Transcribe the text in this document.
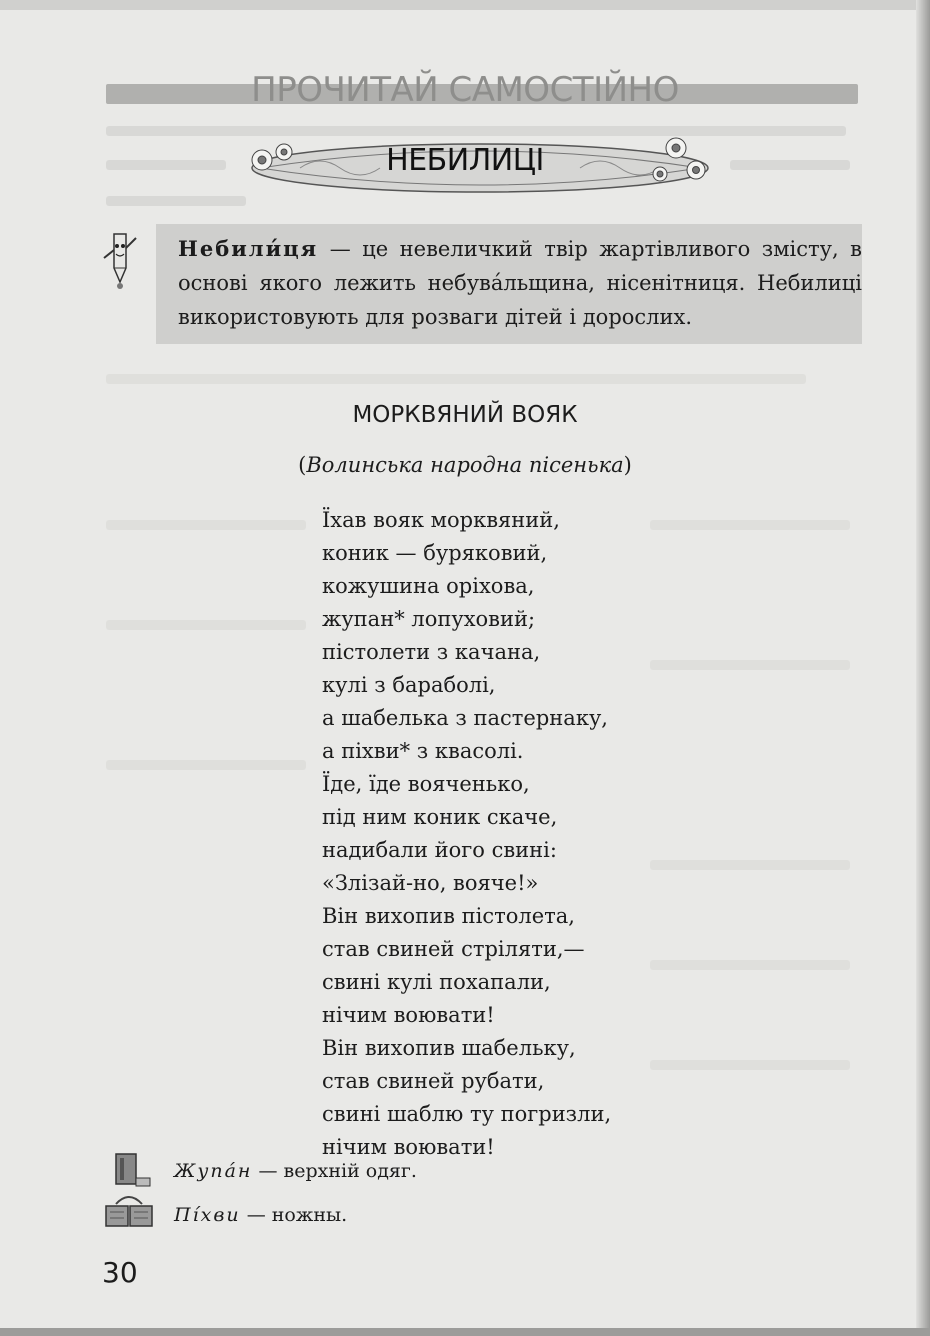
ПРОЧИТАЙ САМОСТІЙНО
НЕБИЛИЦІ
Небили́ця — це невеличкий твір жартівливого змісту, в основі якого лежить небува́льщина, нісенітниця. Небилиці використовують для розваги дітей і дорослих.
МОРКВЯНИЙ ВОЯК
(Волинська народна пісенька)
Їхав вояк морквяний,
коник — буряковий,
кожушина оріхова,
жупан* лопуховий;
пістолети з качана,
кулі з бараболі,
а шабелька з пастернаку,
а піхви* з квасолі.
Їде, їде вояченько,
під ним коник скаче,
надибали його свині:
«Злізай-но, вояче!»
Він вихопив пістолета,
став свиней стріляти,—
свині кулі похапали,
нічим воювати!
Він вихопив шабельку,
став свиней рубати,
свині шаблю ту погризли,
нічим воювати!
Жупа́н — верхній одяг.
Пі́хви — ножны.
30
